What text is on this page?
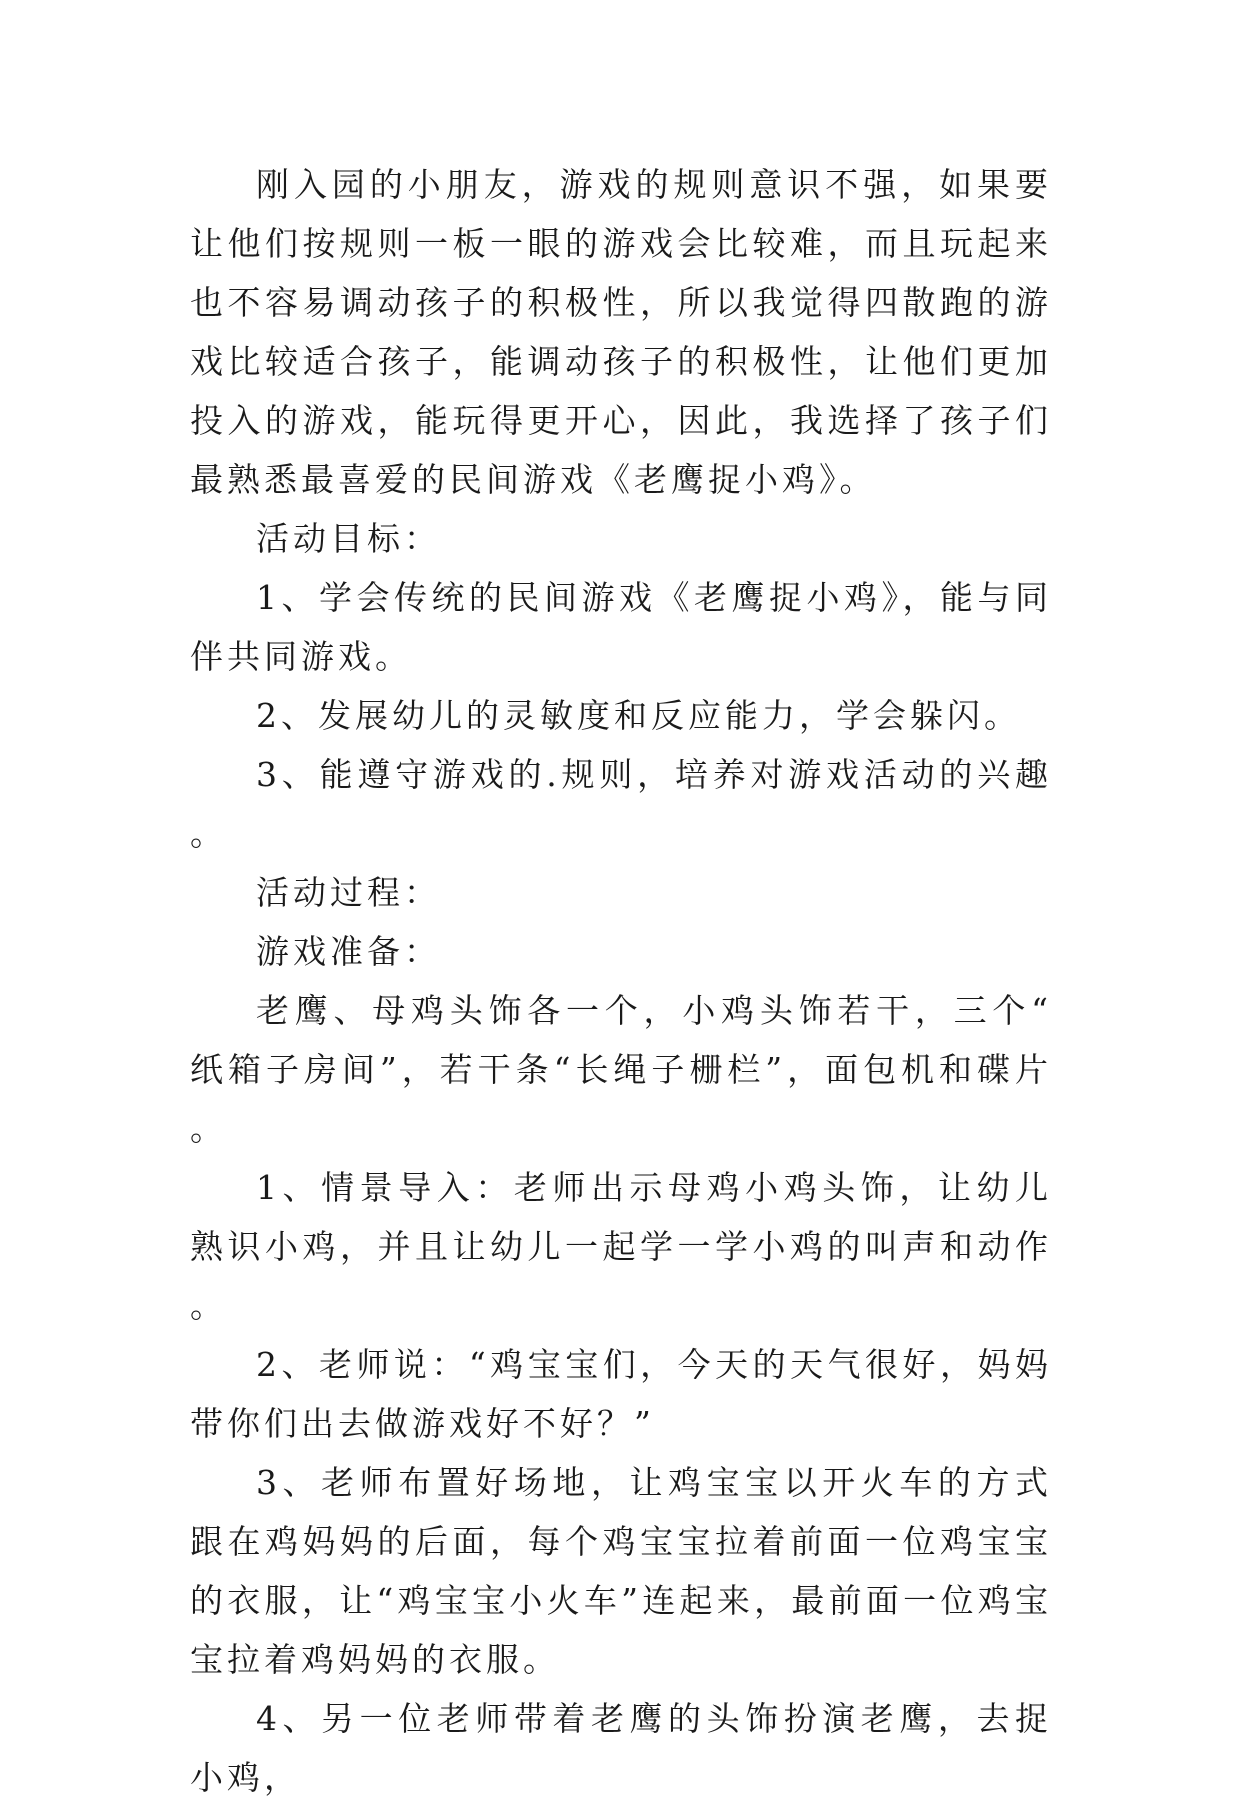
刚入园的小朋友，游戏的规则意识不强，如果要让他们按规则一板一眼的游戏会比较难，而且玩起来也不容易调动孩子的积极性，所以我觉得四散跑的游戏比较适合孩子，能调动孩子的积极性，让他们更加投入的游戏，能玩得更开心，因此，我选择了孩子们最熟悉最喜爱的民间游戏《老鹰捉小鸡》。

活动目标：

1、学会传统的民间游戏《老鹰捉小鸡》，能与同伴共同游戏。

2、发展幼儿的灵敏度和反应能力，学会躲闪。

3、能遵守游戏的.规则，培养对游戏活动的兴趣。

活动过程：

游戏准备：

老鹰、母鸡头饰各一个，小鸡头饰若干，三个“纸箱子房间”，若干条“长绳子栅栏”，面包机和碟片。

1、情景导入：老师出示母鸡小鸡头饰，让幼儿熟识小鸡，并且让幼儿一起学一学小鸡的叫声和动作。

2、老师说：“鸡宝宝们，今天的天气很好，妈妈带你们出去做游戏好不好？”

3、老师布置好场地，让鸡宝宝以开火车的方式跟在鸡妈妈的后面，每个鸡宝宝拉着前面一位鸡宝宝的衣服，让“鸡宝宝小火车”连起来，最前面一位鸡宝宝拉着鸡妈妈的衣服。

4、另一位老师带着老鹰的头饰扮演老鹰，去捉小鸡，
